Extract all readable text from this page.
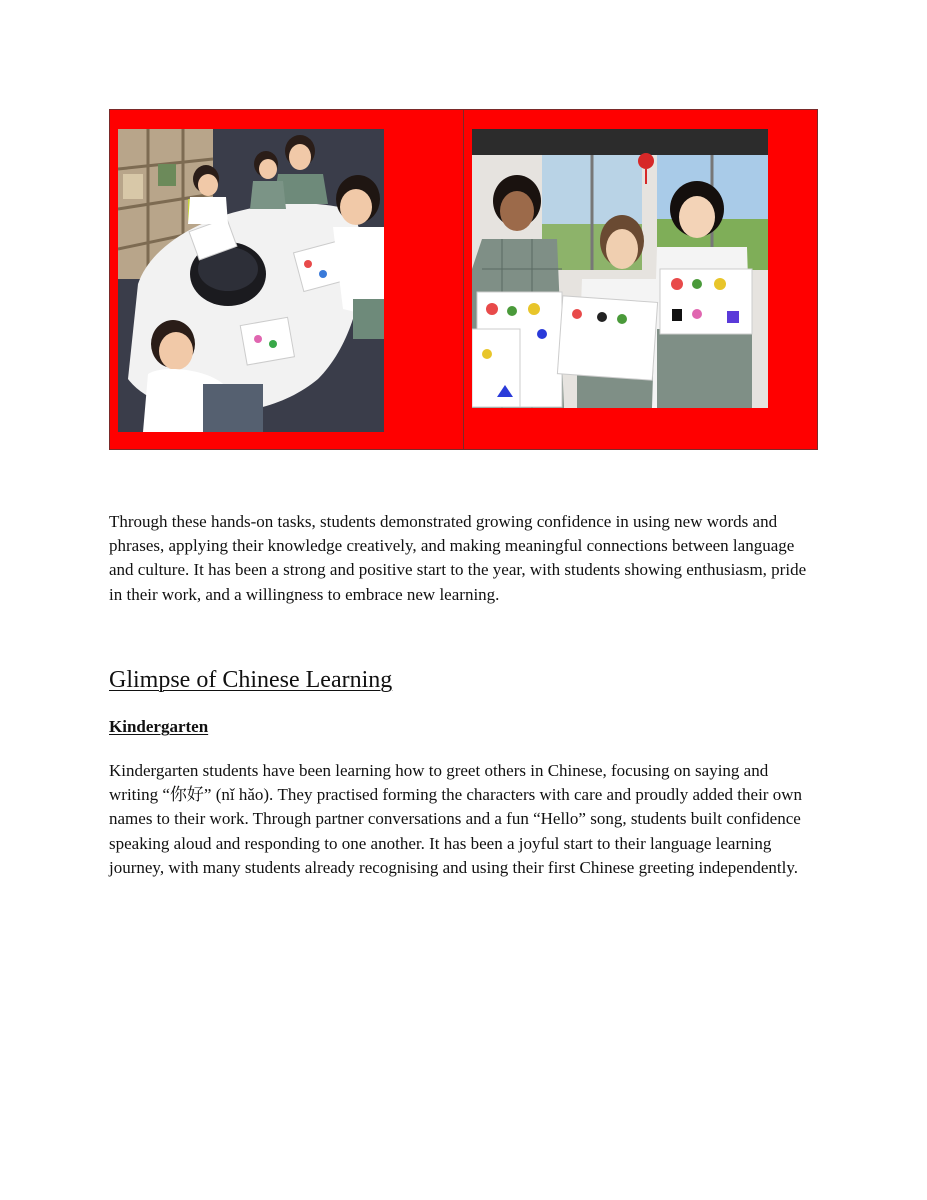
Through these hands-on tasks, students demonstrated growing confidence in using new words and phrases, applying their knowledge creatively, and making meaningful connections between language and culture. It has been a strong and positive start to the year, with students showing enthusiasm, pride in their work, and a willingness to embrace new learning.

Glimpse of Chinese Learning
Kindergarten

Kindergarten students have been learning how to greet others in Chinese, focusing on saying and writing “你好” (nǐ hǎo). They practised forming the characters with care and proudly added their own names to their work. Through partner conversations and a fun “Hello” song, students built confidence speaking aloud and responding to one another. It has been a joyful start to their language learning journey, with many students already recognising and using their first Chinese greeting independently.
